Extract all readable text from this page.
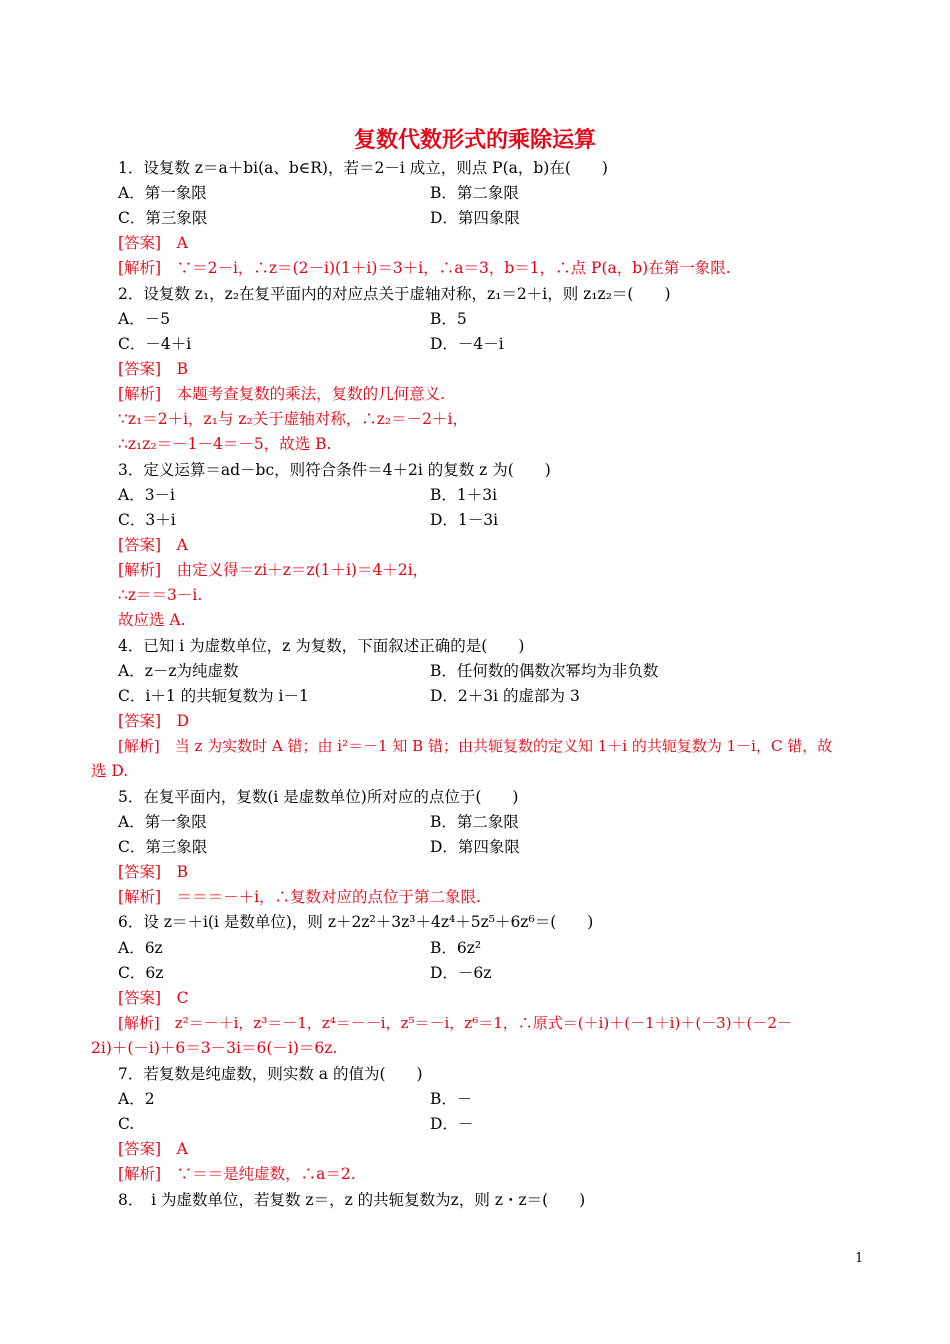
复数代数形式的乘除运算
1．设复数 z＝a＋bi(a、b∈R)，若＝2－i 成立，则点 P(a，b)在(　　)
A．第一象限	B．第二象限
C．第三象限	D．第四象限
[答案]　A
[解析]　∵＝2－i，∴z＝(2－i)(1＋i)＝3＋i，∴a＝3，b＝1，∴点 P(a，b)在第一象限.
2．设复数 z₁，z₂在复平面内的对应点关于虚轴对称，z₁＝2＋i，则 z₁z₂＝(　　)
A．－5	B．5
C．－4＋i	D．－4－i
[答案]　B
[解析]　本题考查复数的乘法，复数的几何意义.
∵z₁＝2＋i，z₁与 z₂关于虚轴对称，∴z₂＝－2＋i，
∴z₁z₂＝－1－4＝－5，故选 B.
3．定义运算＝ad－bc，则符合条件＝4＋2i 的复数 z 为(　　)
A．3－i	B．1＋3i
C．3＋i	D．1－3i
[答案]　A
[解析]　由定义得＝zi＋z＝z(1＋i)＝4＋2i，
∴z＝＝3－i.
故应选 A.
4．已知 i 为虚数单位，z 为复数，下面叙述正确的是(　　)
A．z－z为纯虚数	B．任何数的偶数次幂均为非负数
C．i＋1 的共轭复数为 i－1	D．2＋3i 的虚部为 3
[答案]　D
[解析]　当 z 为实数时 A 错；由 i²＝－1 知 B 错；由共轭复数的定义知 1＋i 的共轭复数为 1－i，C 错，故
选 D.
5．在复平面内，复数(i 是虚数单位)所对应的点位于(　　)
A．第一象限	B．第二象限
C．第三象限	D．第四象限
[答案]　B
[解析]　＝＝＝－＋i，∴复数对应的点位于第二象限.
6．设 z＝＋i(i 是数单位)，则 z＋2z²＋3z³＋4z⁴＋5z⁵＋6z⁶＝(　　)
A．6z	B．6z²
C．6z	D．－6z
[答案]　C
[解析]　z²＝－＋i，z³＝－1，z⁴＝－－i，z⁵＝－i，z⁶＝1，∴原式＝(＋i)＋(－1＋i)＋(－3)＋(－2－
2i)＋(－i)＋6＝3－3i＝6(－i)＝6z.
7．若复数是纯虚数，则实数 a 的值为(　　)
A．2	B．－
C.	D．－
[答案]　A
[解析]　∵＝＝是纯虚数，∴a＝2.
8．　i 为虚数单位，若复数 z＝，z 的共轭复数为z，则 z・z＝(　　)
1
